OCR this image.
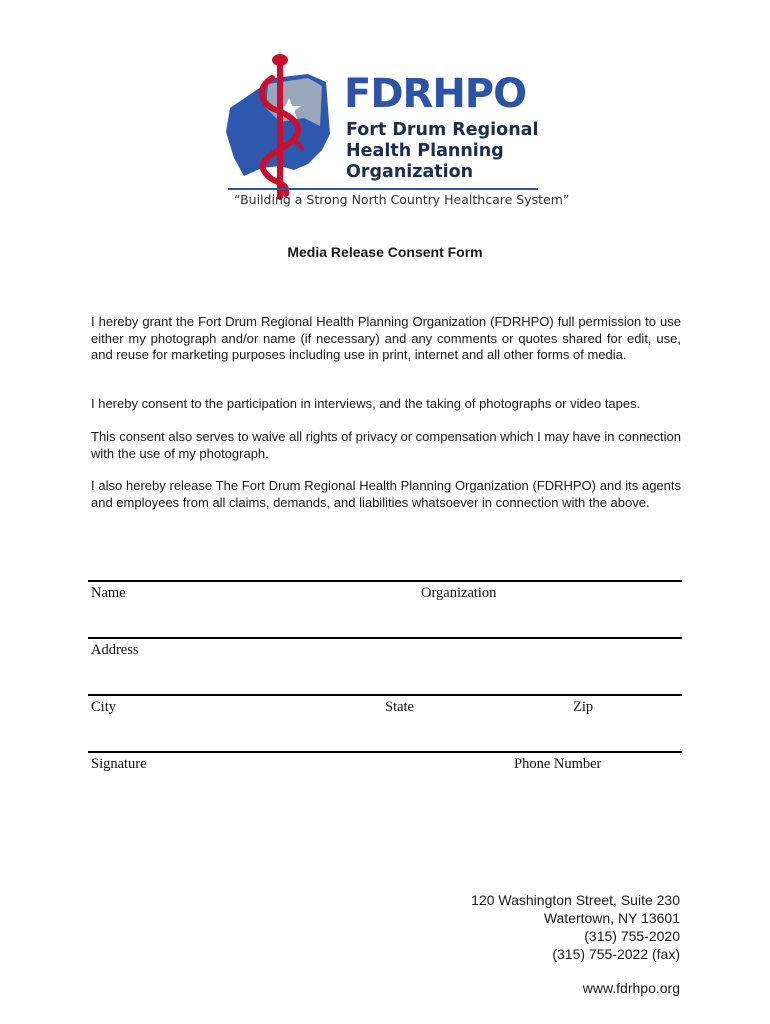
FDRHPO
Fort Drum Regional
Health Planning
Organization
“Building a Strong North Country Healthcare System”
Media Release Consent Form

I hereby grant the Fort Drum Regional Health Planning Organization (FDRHPO) full permission to use either my photograph and/or name (if necessary) and any comments or quotes shared for edit, use, and reuse for marketing purposes including use in print, internet and all other forms of media.

I hereby consent to the participation in interviews, and the taking of photographs or video tapes.

This consent also serves to waive all rights of privacy or compensation which I may have in connection with the use of my photograph.

I also hereby release The Fort Drum Regional Health Planning Organization (FDRHPO) and its agents and employees from all claims, demands, and liabilities whatsoever in connection with the above.

Name	Organization
Address
City	State	Zip
Signature	Phone Number
120 Washington Street, Suite 230
Watertown, NY 13601
(315) 755-2020
(315) 755-2022 (fax)
www.fdrhpo.org
